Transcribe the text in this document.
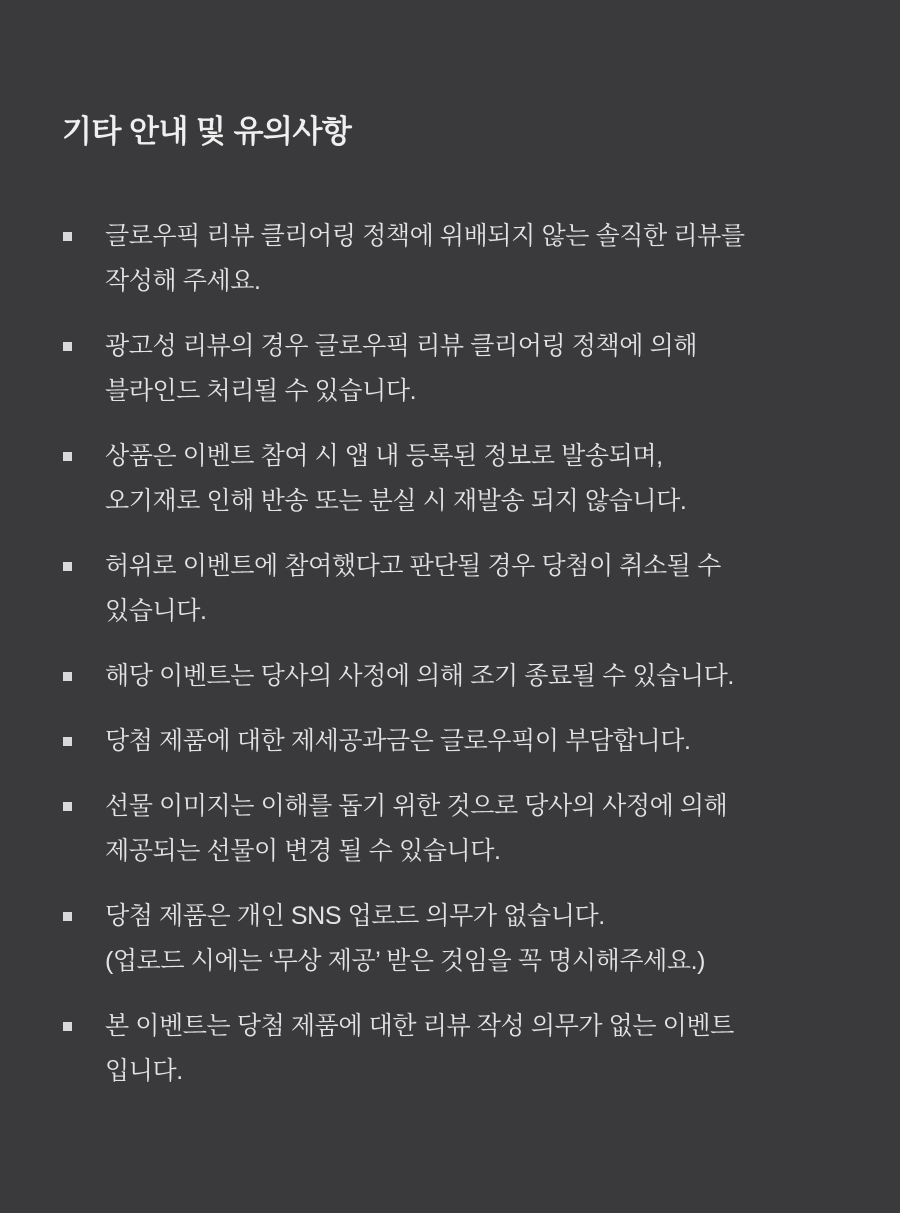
기타 안내 및 유의사항
글로우픽 리뷰 클리어링 정책에 위배되지 않는 솔직한 리뷰를
작성해 주세요.
광고성 리뷰의 경우 글로우픽 리뷰 클리어링 정책에 의해
블라인드 처리될 수 있습니다.
상품은 이벤트 참여 시 앱 내 등록된 정보로 발송되며,
오기재로 인해 반송 또는 분실 시 재발송 되지 않습니다.
허위로 이벤트에 참여했다고 판단될 경우 당첨이 취소될 수
있습니다.
해당 이벤트는 당사의 사정에 의해 조기 종료될 수 있습니다.
당첨 제품에 대한 제세공과금은 글로우픽이 부담합니다.
선물 이미지는 이해를 돕기 위한 것으로 당사의 사정에 의해
제공되는 선물이 변경 될 수 있습니다.
당첨 제품은 개인 SNS 업로드 의무가 없습니다.
(업로드 시에는 ‘무상 제공’ 받은 것임을 꼭 명시해주세요.)
본 이벤트는 당첨 제품에 대한 리뷰 작성 의무가 없는 이벤트
입니다.
